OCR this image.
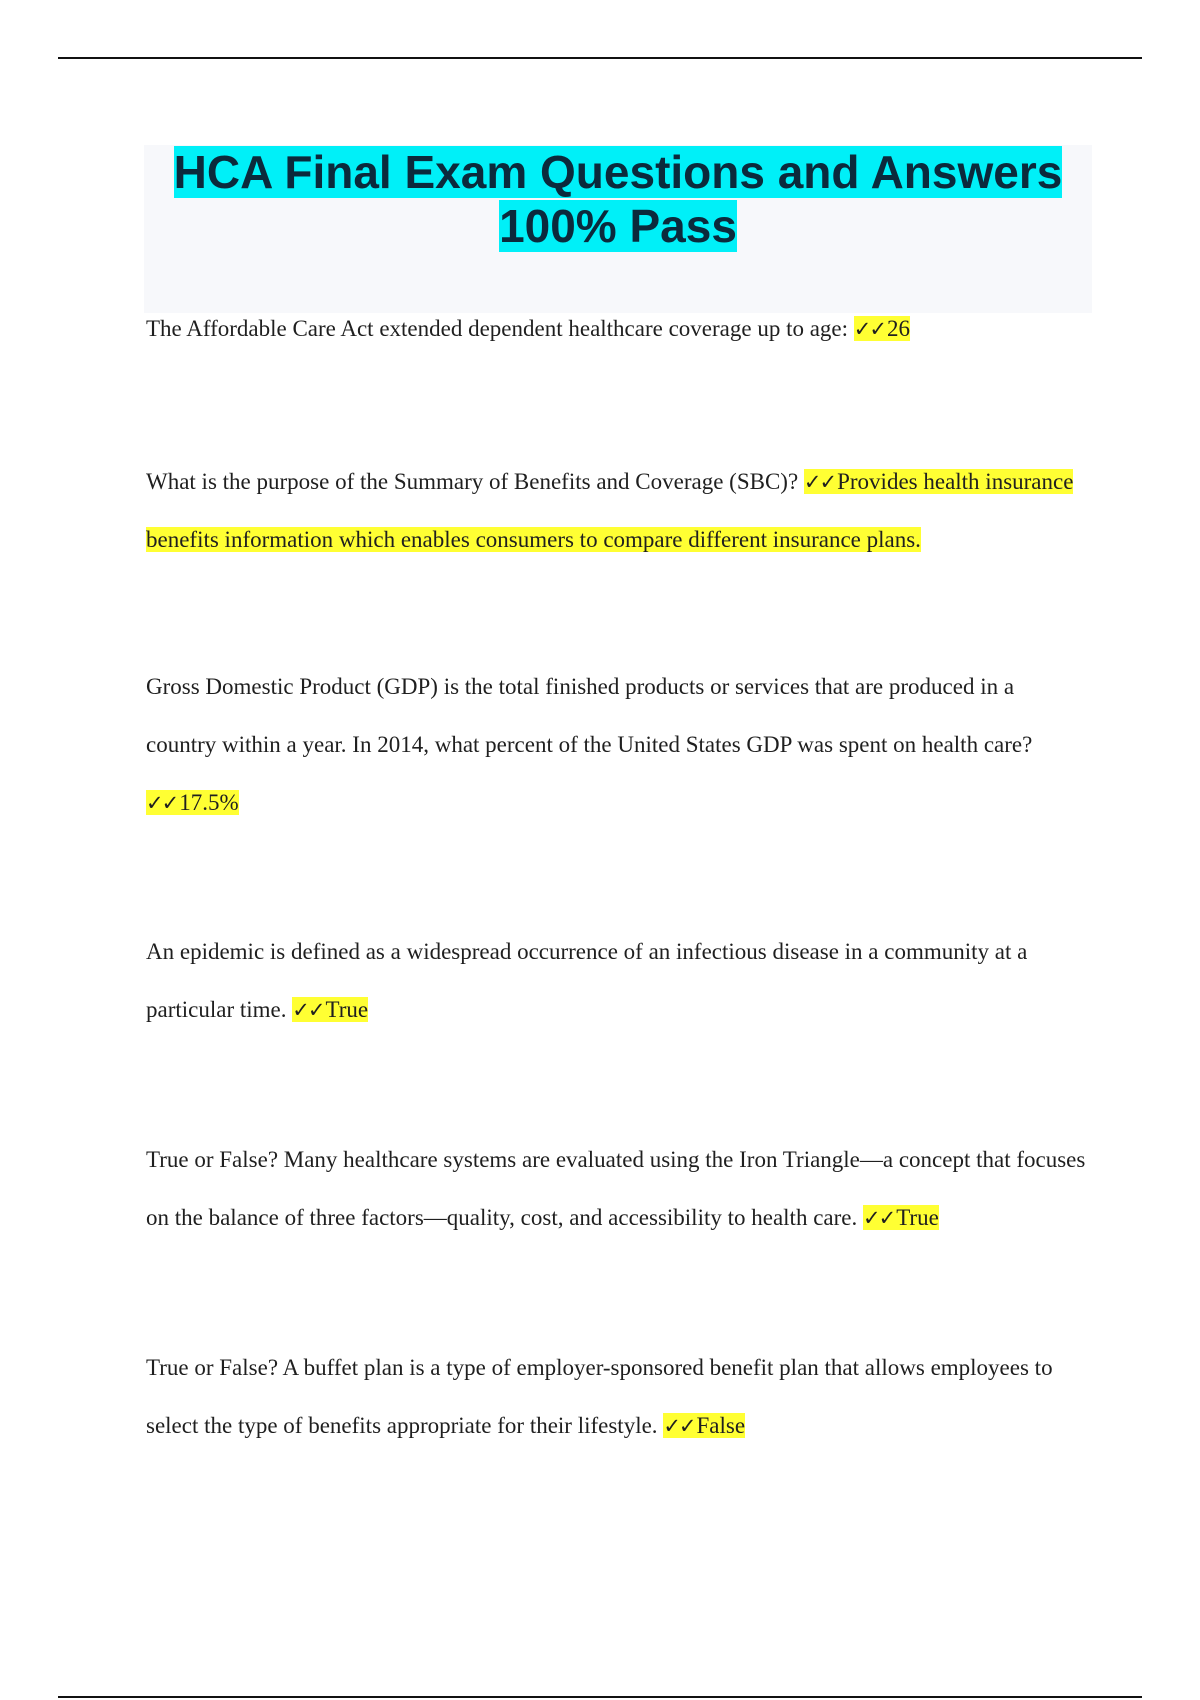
HCA Final Exam Questions and Answers

100% Pass

The Affordable Care Act extended dependent healthcare coverage up to age: ✓✓26

What is the purpose of the Summary of Benefits and Coverage (SBC)? ✓✓Provides health insurance benefits information which enables consumers to compare different insurance plans.

Gross Domestic Product (GDP) is the total finished products or services that are produced in a country within a year. In 2014, what percent of the United States GDP was spent on health care? ✓✓17.5%

An epidemic is defined as a widespread occurrence of an infectious disease in a community at a particular time. ✓✓True

True or False? Many healthcare systems are evaluated using the Iron Triangle—a concept that focuses on the balance of three factors—quality, cost, and accessibility to health care. ✓✓True

True or False? A buffet plan is a type of employer-sponsored benefit plan that allows employees to select the type of benefits appropriate for their lifestyle. ✓✓False
